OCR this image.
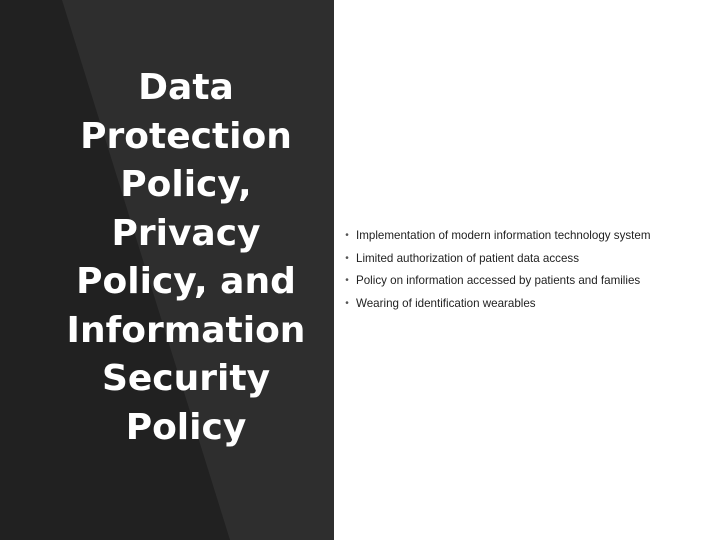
Data
Protection
Policy,
Privacy
Policy, and
Information
Security
Policy
• Implementation of modern information technology system
• Limited authorization of patient data access
• Policy on information accessed by patients and families
• Wearing of identification wearables
